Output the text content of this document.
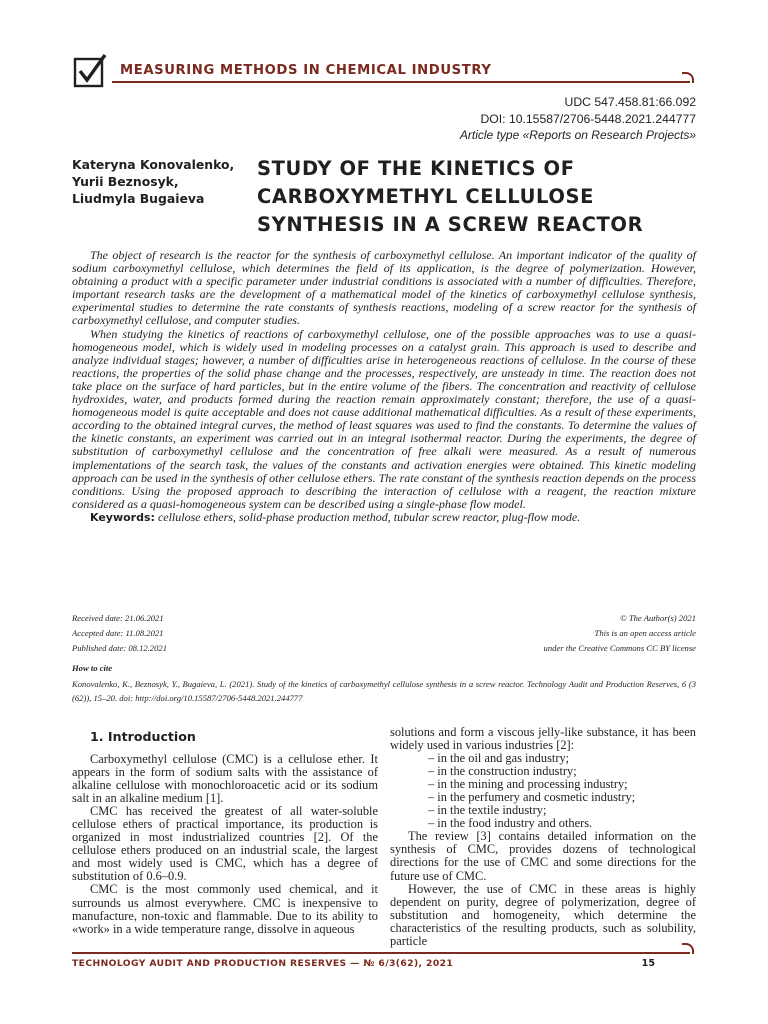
MEASURING METHODS IN CHEMICAL INDUSTRY
UDC 547.458.81:66.092
DOI: 10.15587/2706-5448.2021.244777
Article type «Reports on Research Projects»
Kateryna Konovalenko,
Yurii Beznosyk,
Liudmyla Bugaieva
STUDY OF THE KINETICS OF
CARBOXYMETHYL CELLULOSE
SYNTHESIS IN A SCREW REACTOR

The object of research is the reactor for the synthesis of carboxymethyl cellulose. An important indicator of the quality of sodium carboxymethyl cellulose, which determines the field of its application, is the degree of polymerization. However, obtaining a product with a specific parameter under industrial conditions is associated with a number of difficulties. Therefore, important research tasks are the development of a mathematical model of the kinetics of carboxymethyl cellulose synthesis, experimental studies to determine the rate constants of synthesis reactions, modeling of a screw reactor for the synthesis of carboxymethyl cellulose, and computer studies.

When studying the kinetics of reactions of carboxymethyl cellulose, one of the possible approaches was to use a quasi-homogeneous model, which is widely used in modeling processes on a catalyst grain. This approach is used to describe and analyze individual stages; however, a number of difficulties arise in heterogeneous reactions of cellulose. In the course of these reactions, the properties of the solid phase change and the processes, respectively, are unsteady in time. The reaction does not take place on the surface of hard particles, but in the entire volume of the fibers. The concentration and reactivity of cellulose hydroxides, water, and products formed during the reaction remain approximately constant; therefore, the use of a quasi-homogeneous model is quite acceptable and does not cause additional mathematical difficulties. As a result of these experiments, according to the obtained integral curves, the method of least squares was used to find the constants. To determine the values of the kinetic constants, an experiment was carried out in an integral isothermal reactor. During the experiments, the degree of substitution of carboxymethyl cellulose and the concentration of free alkali were measured. As a result of numerous implementations of the search task, the values of the constants and activation energies were obtained. This kinetic modeling approach can be used in the synthesis of other cellulose ethers. The rate constant of the synthesis reaction depends on the process conditions. Using the proposed approach to describing the interaction of cellulose with a reagent, the reaction mixture considered as a quasi-homogeneous system can be described using a single-phase flow model.

Keywords: cellulose ethers, solid-phase production method, tubular screw reactor, plug-flow mode.

Received date: 21.06.2021
Accepted date: 11.08.2021
Published date: 08.12.2021
© The Author(s) 2021
This is an open access article
under the Creative Commons CC BY license
How to cite
Konovalenko, K., Beznosyk, Y., Bugaieva, L. (2021). Study of the kinetics of carboxymethyl cellulose synthesis in a screw reactor. Technology Audit and Production Reserves, 6 (3 (62)), 15–20. doi: http://doi.org/10.15587/2706-5448.2021.244777
1. Introduction

Carboxymethyl cellulose (CMC) is a cellulose ether. It appears in the form of sodium salts with the assistance of alkaline cellulose with monochloroacetic acid or its sodium salt in an alkaline medium [1].

CMC has received the greatest of all water-soluble cellulose ethers of practical importance, its production is organized in most industrialized countries [2]. Of the cellulose ethers produced on an industrial scale, the largest and most widely used is CMC, which has a degree of substitution of 0.6–0.9.

CMC is the most commonly used chemical, and it surrounds us almost everywhere. CMC is inexpensive to manufacture, non-toxic and flammable. Due to its ability to «work» in a wide temperature range, dissolve in aqueous

solutions and form a viscous jelly-like substance, it has been widely used in various industries [2]:

– in the oil and gas industry;

– in the construction industry;

– in the mining and processing industry;

– in the perfumery and cosmetic industry;

– in the textile industry;

– in the food industry and others.

The review [3] contains detailed information on the synthesis of CMC, provides dozens of technological directions for the use of CMC and some directions for the future use of CMC.

However, the use of CMC in these areas is highly dependent on purity, degree of polymerization, degree of substitution and homogeneity, which determine the characteristics of the resulting products, such as solubility, particle

TECHNOLOGY AUDIT AND PRODUCTION RESERVES — № 6/3(62), 2021	15
